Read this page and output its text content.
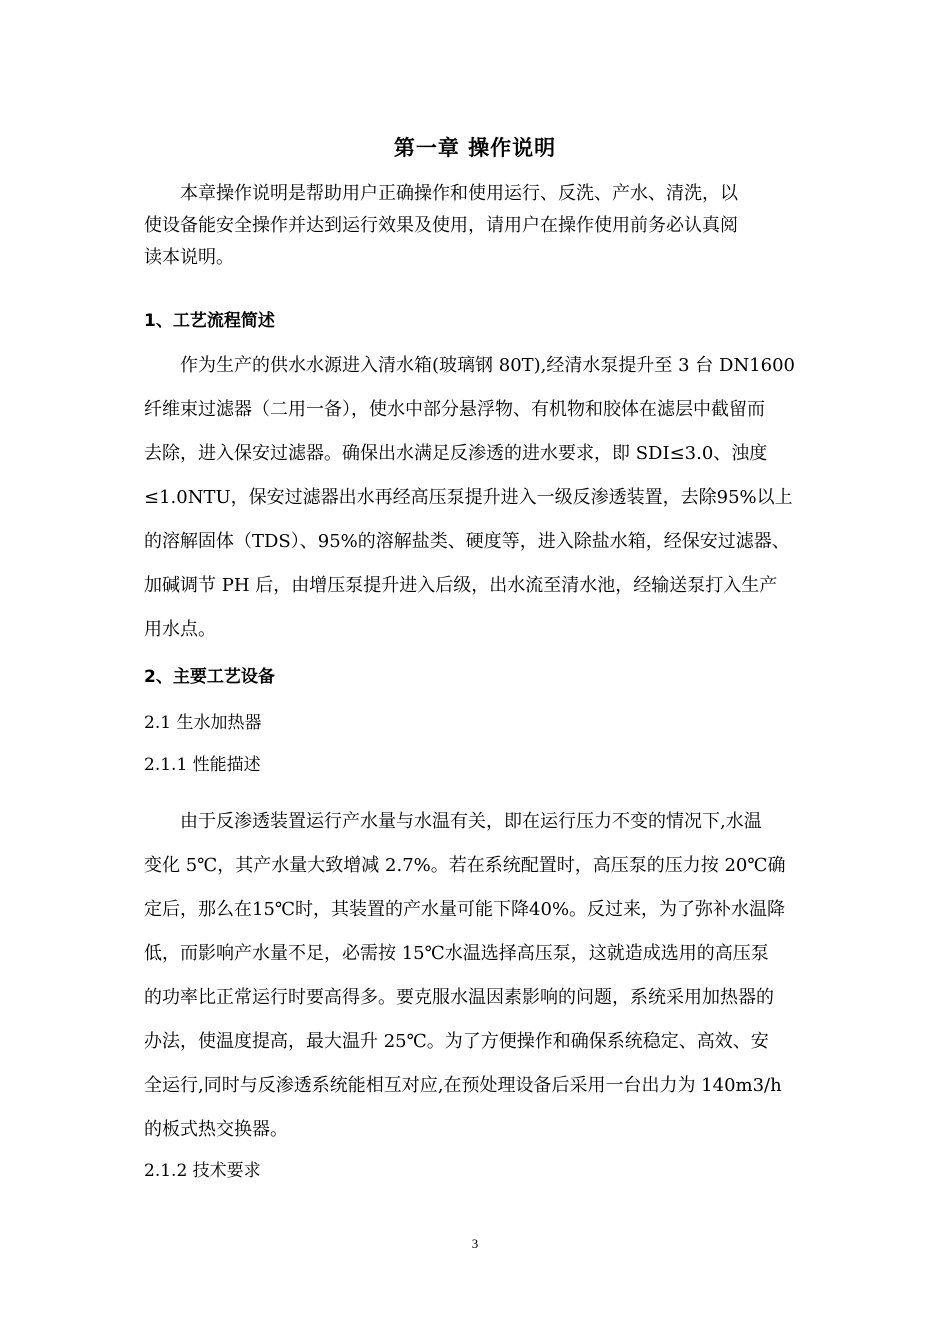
第一章 操作说明
本章操作说明是帮助用户正确操作和使用运行、反洗、产水、清洗，以
使设备能安全操作并达到运行效果及使用，请用户在操作使用前务必认真阅
读本说明。
1、工艺流程简述
作为生产的供水水源进入清水箱(玻璃钢 80T),经清水泵提升至 3 台 DN1600
纤维束过滤器（二用一备），使水中部分悬浮物、有机物和胶体在滤层中截留而
去除，进入保安过滤器。确保出水满足反渗透的进水要求，即 SDI≤3.0、浊度
≤1.0NTU，保安过滤器出水再经高压泵提升进入一级反渗透装置，去除95%以上
的溶解固体（TDS）、95%的溶解盐类、硬度等，进入除盐水箱，经保安过滤器、
加碱调节 PH 后，由增压泵提升进入后级，出水流至清水池，经输送泵打入生产
用水点。
2、主要工艺设备
2.1 生水加热器
2.1.1 性能描述
由于反渗透装置运行产水量与水温有关，即在运行压力不变的情况下,水温
变化 5℃，其产水量大致增减 2.7%。若在系统配置时，高压泵的压力按 20℃确
定后，那么在15℃时，其装置的产水量可能下降40%。反过来，为了弥补水温降
低，而影响产水量不足，必需按 15℃水温选择高压泵，这就造成选用的高压泵
的功率比正常运行时要高得多。要克服水温因素影响的问题，系统采用加热器的
办法，使温度提高，最大温升 25℃。为了方便操作和确保系统稳定、高效、安
全运行,同时与反渗透系统能相互对应,在预处理设备后采用一台出力为 140m3/h
的板式热交换器。
2.1.2 技术要求
3
